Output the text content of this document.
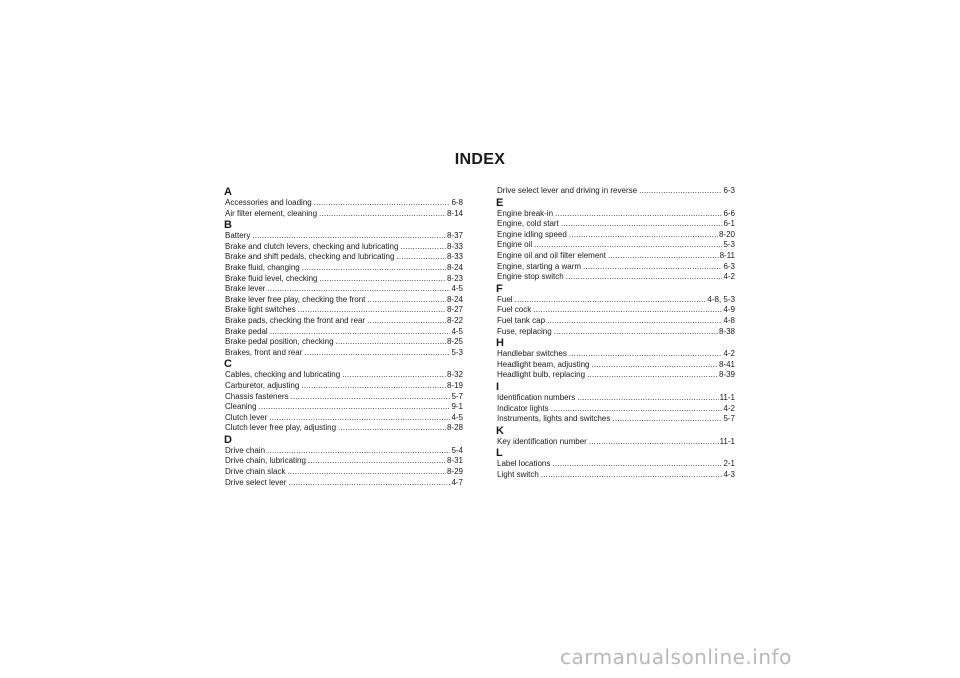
INDEX
A
Accessories and loading .....	6-8
Air filter element, cleaning .....	8-14
B
Battery .....	8-37
Brake and clutch levers, checking and lubricating .....	8-33
Brake and shift pedals, checking and lubricating .....	8-33
Brake fluid, changing .....	8-24
Brake fluid level, checking .....	8-23
Brake lever .....	4-5
Brake lever free play, checking the front .....	8-24
Brake light switches .....	8-27
Brake pads, checking the front and rear .....	8-22
Brake pedal .....	4-5
Brake pedal position, checking .....	8-25
Brakes, front and rear .....	5-3
C
Cables, checking and lubricating .....	8-32
Carburetor, adjusting .....	8-19
Chassis fasteners .....	5-7
Cleaning .....	9-1
Clutch lever .....	4-5
Clutch lever free play, adjusting .....	8-28
D
Drive chain .....	5-4
Drive chain, lubricating .....	8-31
Drive chain slack .....	8-29
Drive select lever .....	4-7
Drive select lever and driving in reverse .....	6-3
E
Engine break-in .....	6-6
Engine, cold start .....	6-1
Engine idling speed .....	8-20
Engine oil .....	5-3
Engine oil and oil filter element .....	8-11
Engine, starting a warm .....	6-3
Engine stop switch .....	4-2
F
Fuel .....	4-8, 5-3
Fuel cock .....	4-9
Fuel tank cap .....	4-8
Fuse, replacing .....	8-38
H
Handlebar switches .....	4-2
Headlight beam, adjusting .....	8-41
Headlight bulb, replacing .....	8-39
I
Identification numbers .....	11-1
Indicator lights .....	4-2
Instruments, lights and switches .....	5-7
K
Key identification number .....	11-1
L
Label locations .....	2-1
Light switch .....	4-3
carmanualsonline.info
